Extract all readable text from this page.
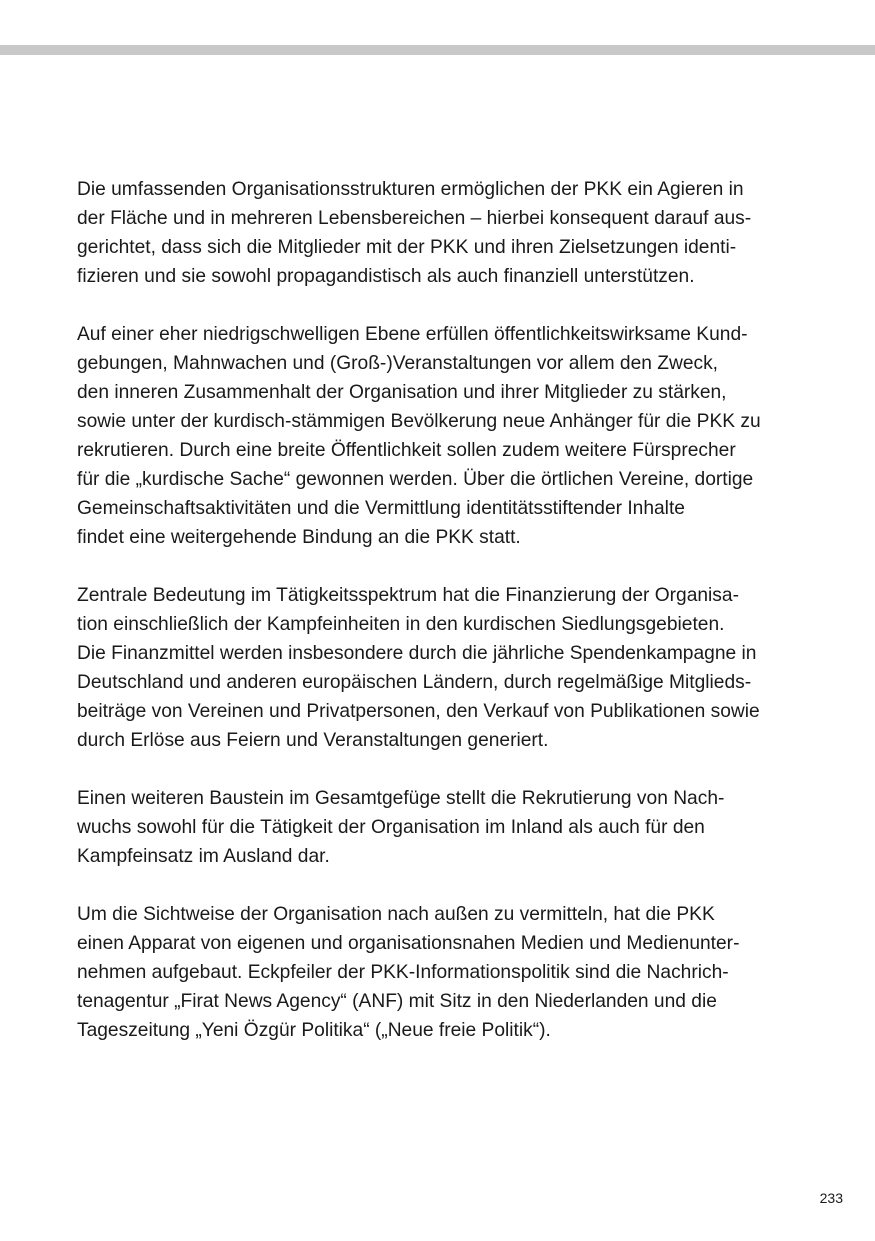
Die umfassenden Organisationsstrukturen ermöglichen der PKK ein Agieren in
der Fläche und in mehreren Lebensbereichen – hierbei konsequent darauf aus-
gerichtet, dass sich die Mitglieder mit der PKK und ihren Zielsetzungen identi-
fizieren und sie sowohl propagandistisch als auch finanziell unterstützen.

Auf einer eher niedrigschwelligen Ebene erfüllen öffentlichkeitswirksame Kund-
gebungen, Mahnwachen und (Groß-)Veranstaltungen vor allem den Zweck,
den inneren Zusammenhalt der Organisation und ihrer Mitglieder zu stärken,
sowie unter der kurdisch-stämmigen Bevölkerung neue Anhänger für die PKK zu
rekrutieren. Durch eine breite Öffentlichkeit sollen zudem weitere Fürsprecher
für die „kurdische Sache“ gewonnen werden. Über die örtlichen Vereine, dortige
Gemeinschaftsaktivitäten und die Vermittlung identitätsstiftender Inhalte
findet eine weitergehende Bindung an die PKK statt.

Zentrale Bedeutung im Tätigkeitsspektrum hat die Finanzierung der Organisa-
tion einschließlich der Kampfeinheiten in den kurdischen Siedlungsgebieten.
Die Finanzmittel werden insbesondere durch die jährliche Spendenkampagne in
Deutschland und anderen europäischen Ländern, durch regelmäßige Mitglieds-
beiträge von Vereinen und Privatpersonen, den Verkauf von Publikationen sowie
durch Erlöse aus Feiern und Veranstaltungen generiert.

Einen weiteren Baustein im Gesamtgefüge stellt die Rekrutierung von Nach-
wuchs sowohl für die Tätigkeit der Organisation im Inland als auch für den
Kampfeinsatz im Ausland dar.

Um die Sichtweise der Organisation nach außen zu vermitteln, hat die PKK
einen Apparat von eigenen und organisationsnahen Medien und Medienunter-
nehmen aufgebaut. Eckpfeiler der PKK-Informationspolitik sind die Nachrich-
tenagentur „Firat News Agency“ (ANF) mit Sitz in den Niederlanden und die
Tageszeitung „Yeni Özgür Politika“ („Neue freie Politik“).

233
